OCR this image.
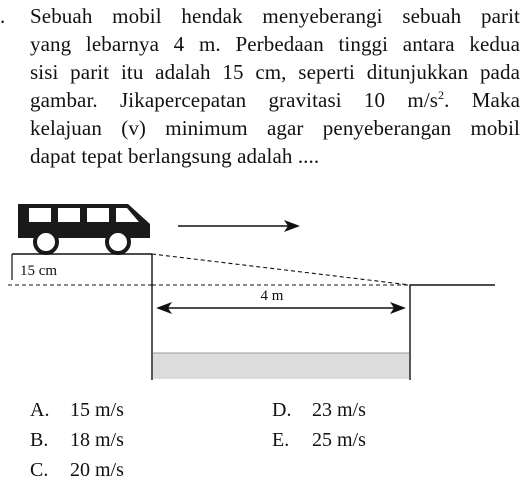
. Sebuah mobil hendak menyeberangi sebuah parit
yang lebarnya 4 m. Perbedaan tinggi antara kedua
sisi parit itu adalah 15 cm, seperti ditunjukkan pada
gambar. Jikapercepatan gravitasi 10 $m/s^2$. Maka
kelajuan (v) minimum agar penyeberangan mobil
dapat tepat berlangsung adalah ....
15 cm
4 m
A. 15 m/s
B. 18 m/s
C. 20 m/s
D. 23 m/s
E. 25 m/s
